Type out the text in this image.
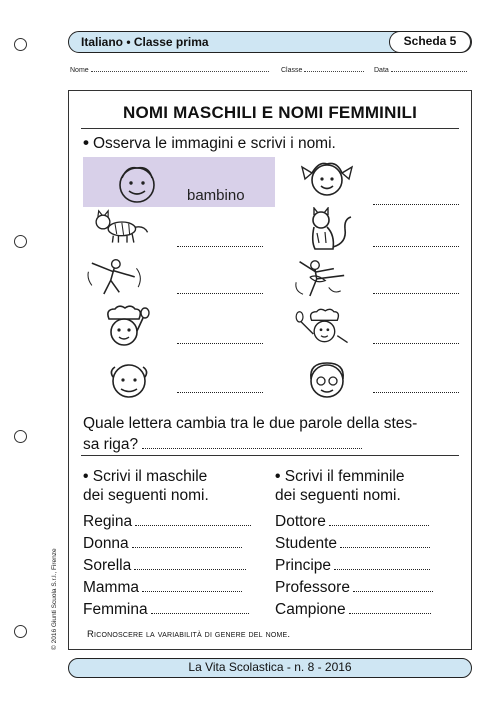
Italiano • Classe prima	Scheda 5
Nome	Classe	Data
NOMI MASCHILI E NOMI FEMMINILI
• Osserva le immagini e scrivi i nomi.
bambino
Quale lettera cambia tra le due parole della stes-
sa riga?
• Scrivi il maschile
dei seguenti nomi.
Regina
Donna
Sorella
Mamma
Femmina
• Scrivi il femminile
dei seguenti nomi.
Dottore
Studente
Principe
Professore
Campione
Riconoscere la variabilità di genere del nome.
© 2016 Giunti Scuola S.r.l., Firenze
La Vita Scolastica - n. 8 - 2016
